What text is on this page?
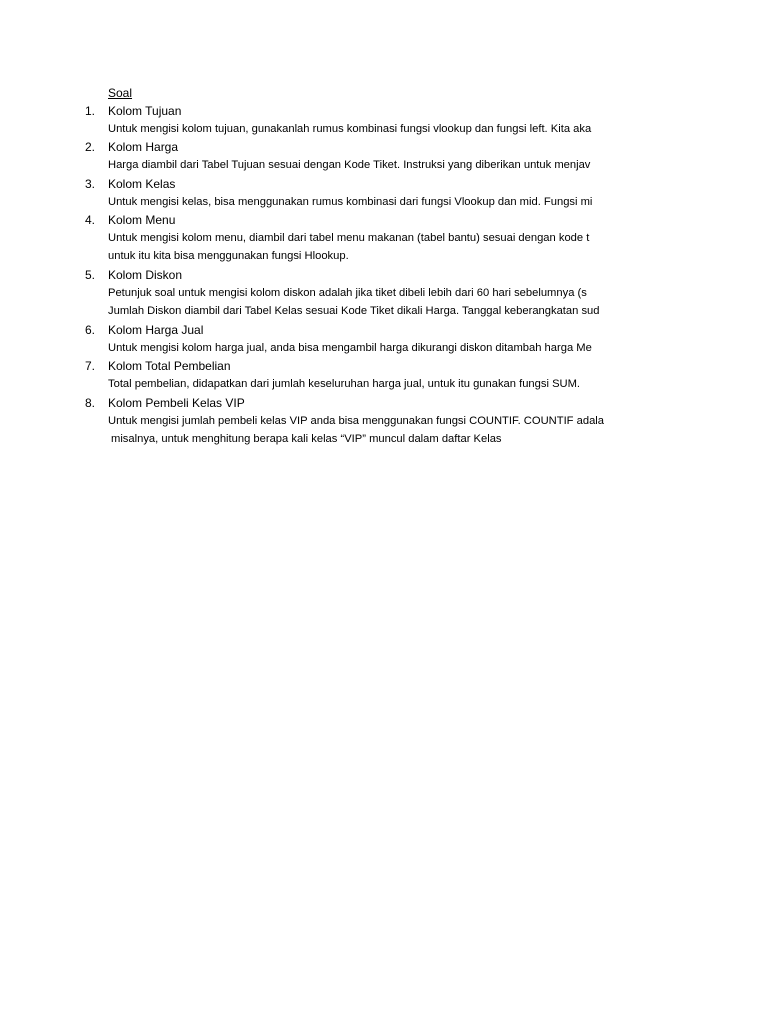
Soal
1. Kolom Tujuan
Untuk mengisi kolom tujuan, gunakanlah rumus kombinasi fungsi vlookup dan fungsi left. Kita aka
2. Kolom Harga
Harga diambil dari Tabel Tujuan sesuai dengan Kode Tiket. Instruksi yang diberikan untuk menjav
3. Kolom Kelas
Untuk mengisi kelas, bisa menggunakan rumus kombinasi dari fungsi Vlookup dan mid. Fungsi mi
4. Kolom Menu
Untuk mengisi kolom menu, diambil dari tabel menu makanan (tabel bantu) sesuai dengan kode t
untuk itu kita bisa menggunakan fungsi Hlookup.
5. Kolom Diskon
Petunjuk soal untuk mengisi kolom diskon adalah jika tiket dibeli lebih dari 60 hari sebelumnya (s
Jumlah Diskon diambil dari Tabel Kelas sesuai Kode Tiket dikali Harga. Tanggal keberangkatan sud
6. Kolom Harga Jual
Untuk mengisi kolom harga jual, anda bisa mengambil harga dikurangi diskon ditambah harga Me
7. Kolom Total Pembelian
Total pembelian, didapatkan dari jumlah keseluruhan harga jual, untuk itu gunakan fungsi SUM.
8. Kolom Pembeli Kelas VIP
Untuk mengisi jumlah pembeli kelas VIP anda bisa menggunakan fungsi COUNTIF. COUNTIF adala
misalnya, untuk menghitung berapa kali kelas “VIP” muncul dalam daftar Kelas
